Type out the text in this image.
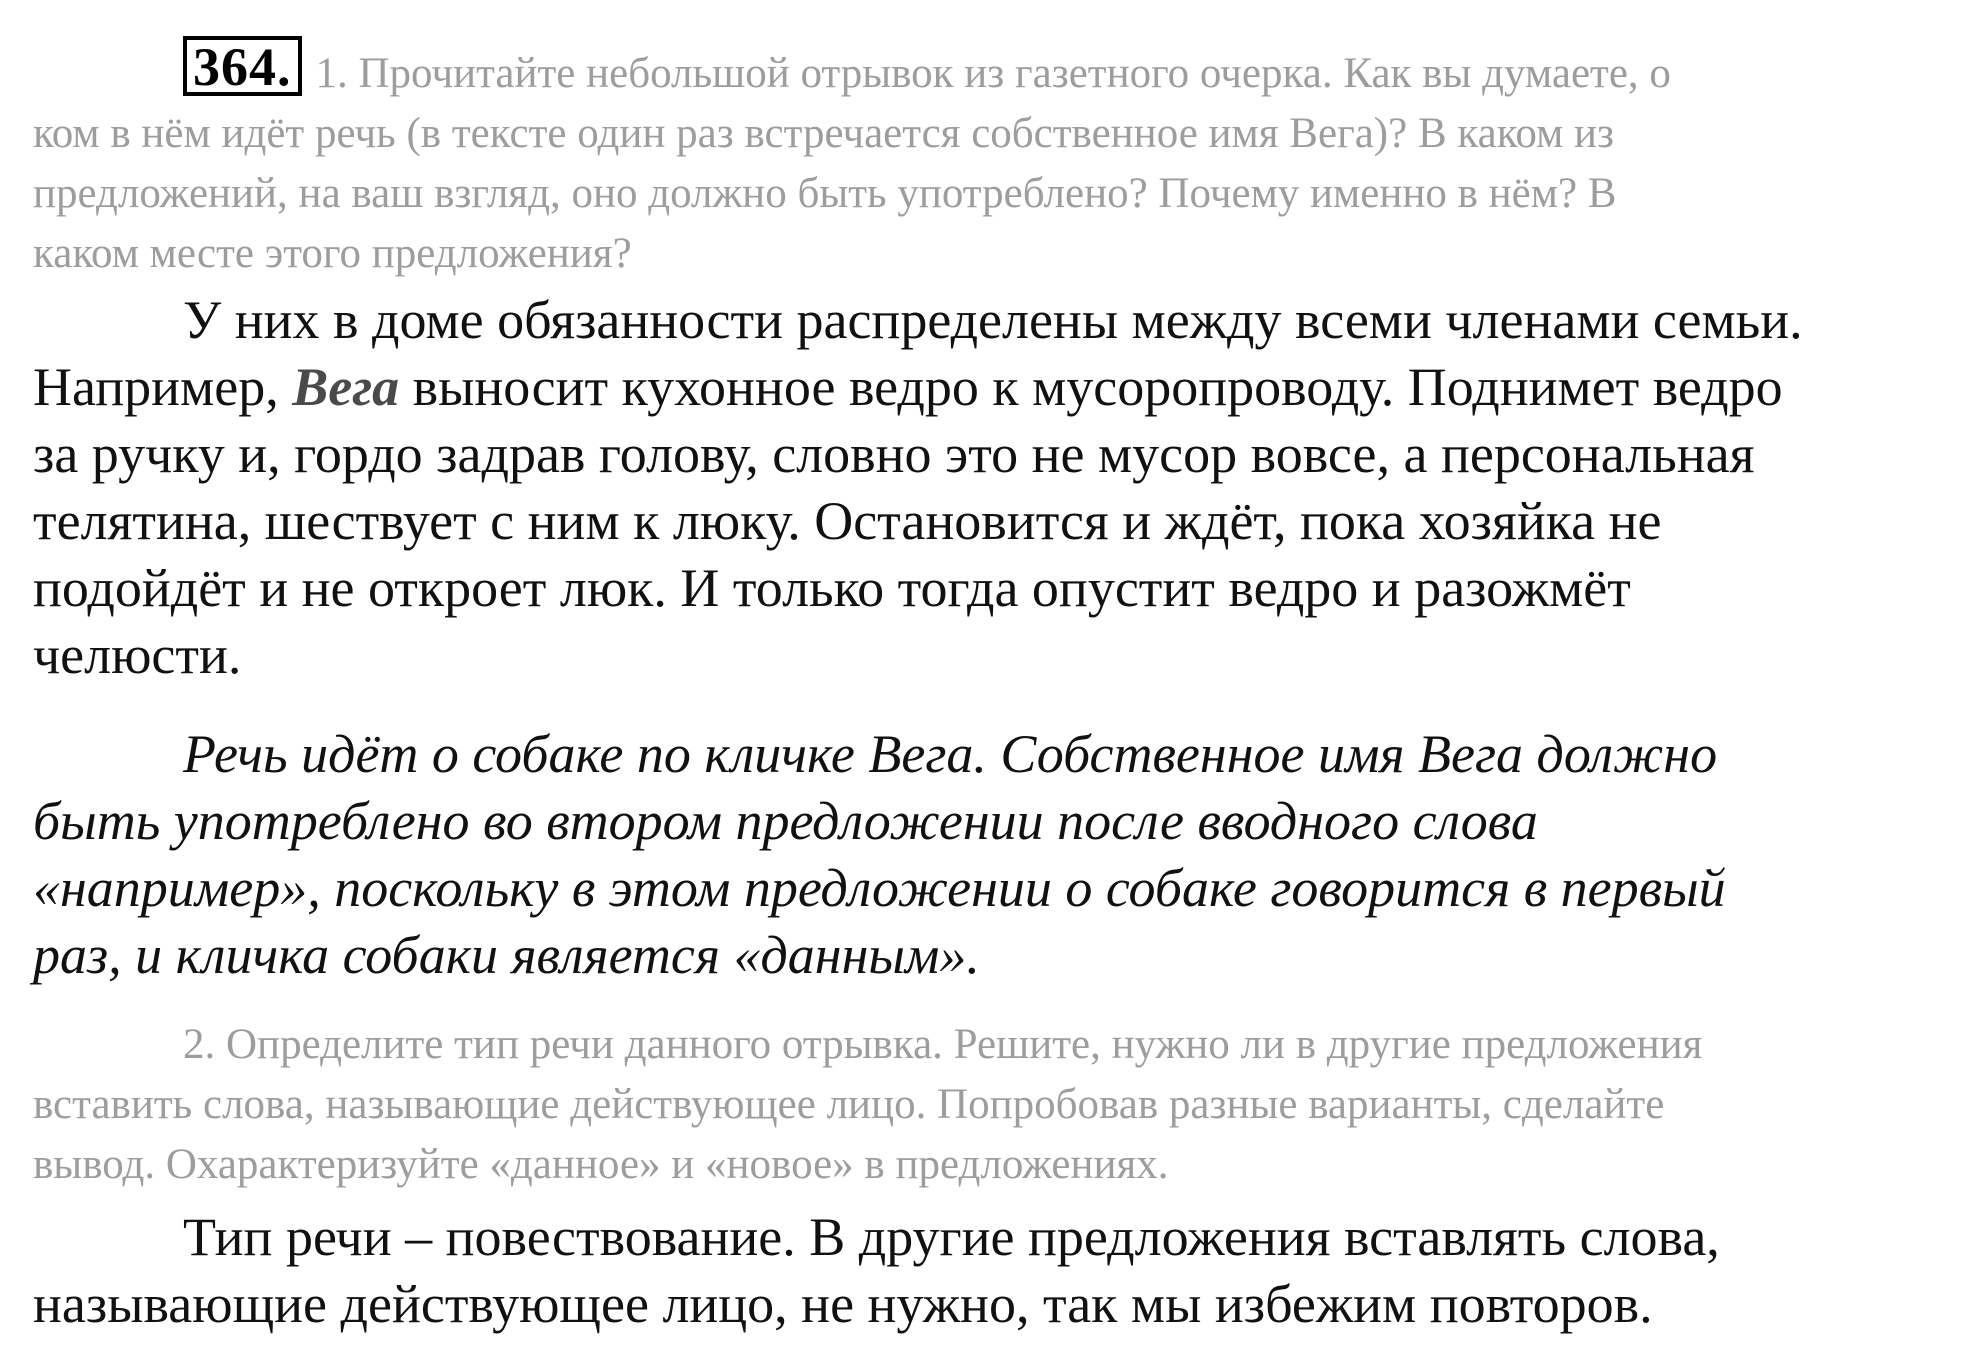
364. 1. Прочитайте небольшой отрывок из газетного очерка. Как вы думаете, о
ком в нём идёт речь (в тексте один раз встречается собственное имя Вега)? В каком из
предложений, на ваш взгляд, оно должно быть употреблено? Почему именно в нём? В
каком месте этого предложения?
У них в доме обязанности распределены между всеми членами семьи.
Например, Вега выносит кухонное ведро к мусоропроводу. Поднимет ведро
за ручку и, гордо задрав голову, словно это не мусор вовсе, а персональная
телятина, шествует с ним к люку. Остановится и ждёт, пока хозяйка не
подойдёт и не откроет люк. И только тогда опустит ведро и разожмёт
челюсти.
Речь идёт о собаке по кличке Вега. Собственное имя Вега должно
быть употреблено во втором предложении после вводного слова
«например», поскольку в этом предложении о собаке говорится в первый
раз, и кличка собаки является «данным».
2. Определите тип речи данного отрывка. Решите, нужно ли в другие предложения
вставить слова, называющие действующее лицо. Попробовав разные варианты, сделайте
вывод. Охарактеризуйте «данное» и «новое» в предложениях.
Тип речи – повествование. В другие предложения вставлять слова,
называющие действующее лицо, не нужно, так мы избежим повторов.
